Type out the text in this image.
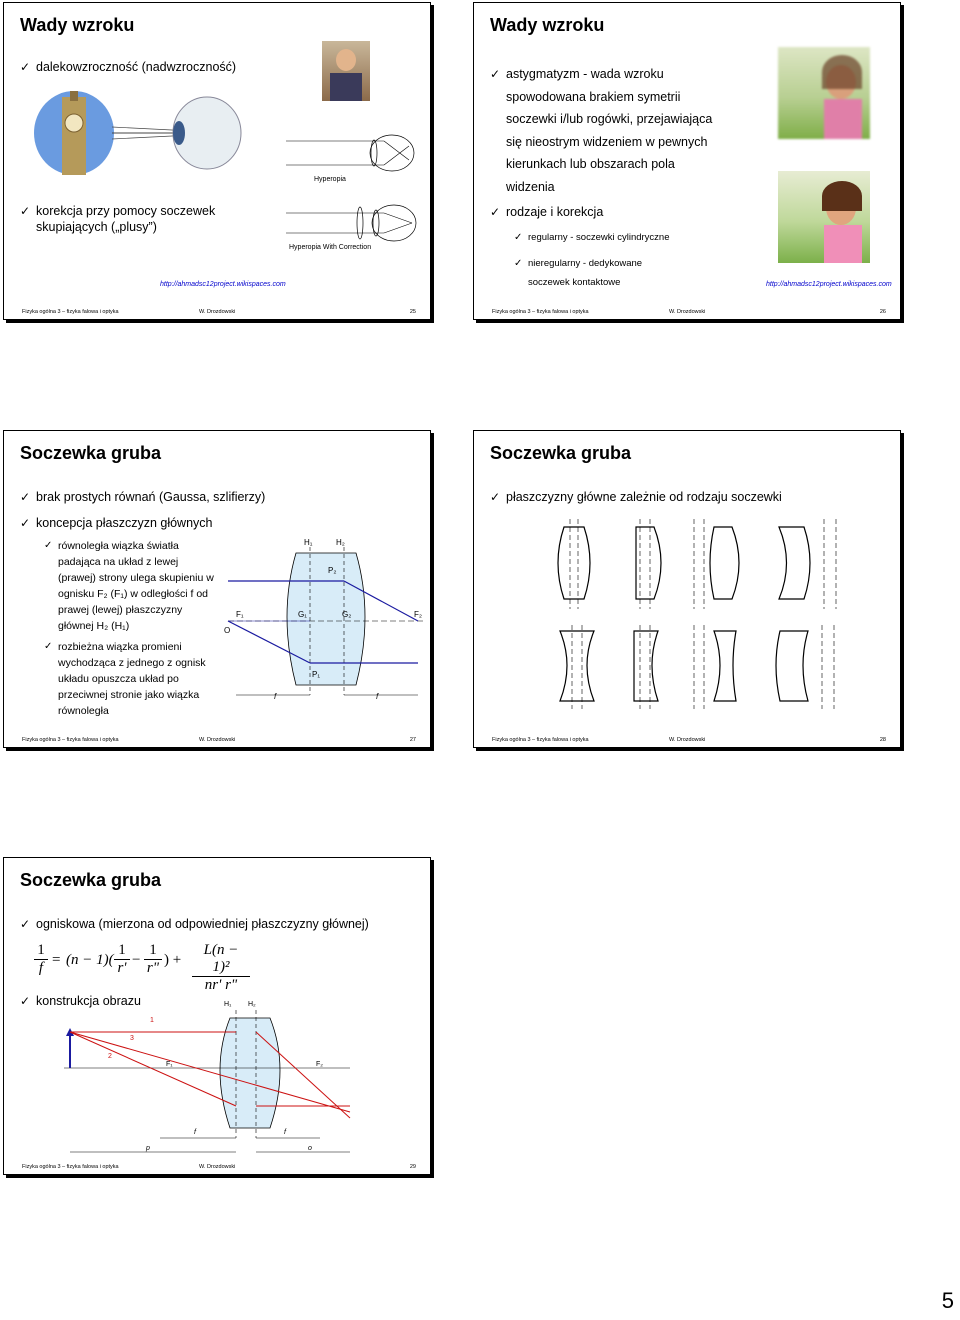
Wady wzroku
✓ dalekowzroczność (nadwzroczność)
✓ korekcja przy pomocy soczewek skupiających („plusy”)
Hyperopia
Hyperopia With Correction
http://ahmadsc12project.wikispaces.com
Fizyka ogólna 3 – fizyka falowa i optyka	W. Drozdowski	25
Wady wzroku
✓ astygmatyzm - wada wzroku spowodowana brakiem symetrii soczewki i/lub rogówki, przejawiająca się nieostrym widzeniem w pewnych kierunkach lub obszarach pola widzenia
✓ rodzaje i korekcja
✓ regularny - soczewki cylindryczne
✓ nieregularny - dedykowane soczewek kontaktowe	http://ahmadsc12project.wikispaces.com
Fizyka ogólna 3 – fizyka falowa i optyka	W. Drozdowski	26
Soczewka gruba
✓ brak prostych równań (Gaussa, szlifierzy)
✓ koncepcja płaszczyzn głównych
✓ równoległa wiązka światła padająca na układ z lewej (prawej) strony ulega skupieniu w ognisku F₂ (F₁) w odległości f od prawej (lewej) płaszczyzny głównej H₂ (H₁)
✓ rozbieżna wiązka promieni wychodząca z jednego z ognisk układu opuszcza układ po przeciwnej stronie jako wiązka równoległa
H₁	H₂
P₂
P₁
F₁	F₂
G₁	G₂
O
f	f
Fizyka ogólna 3 – fizyka falowa i optyka	W. Drozdowski	27
Soczewka gruba
✓ płaszczyzny główne zależnie od rodzaju soczewki
Fizyka ogólna 3 – fizyka falowa i optyka	W. Drozdowski	28
Soczewka gruba
✓ ogniskowa (mierzona od odpowiedniej płaszczyzny głównej)
$\frac{1}{f} = (n - 1)( \frac{1}{r'} - \frac{1}{r"}$ ) + $\frac{\text{L(n − 1)²}}{nr' r"}$
✓ konstrukcja obrazu	H₁ H₂
1
2
3
F₁	F₂
f	f
p	o
Fizyka ogólna 3 – fizyka falowa i optyka	W. Drozdowski	29
5
